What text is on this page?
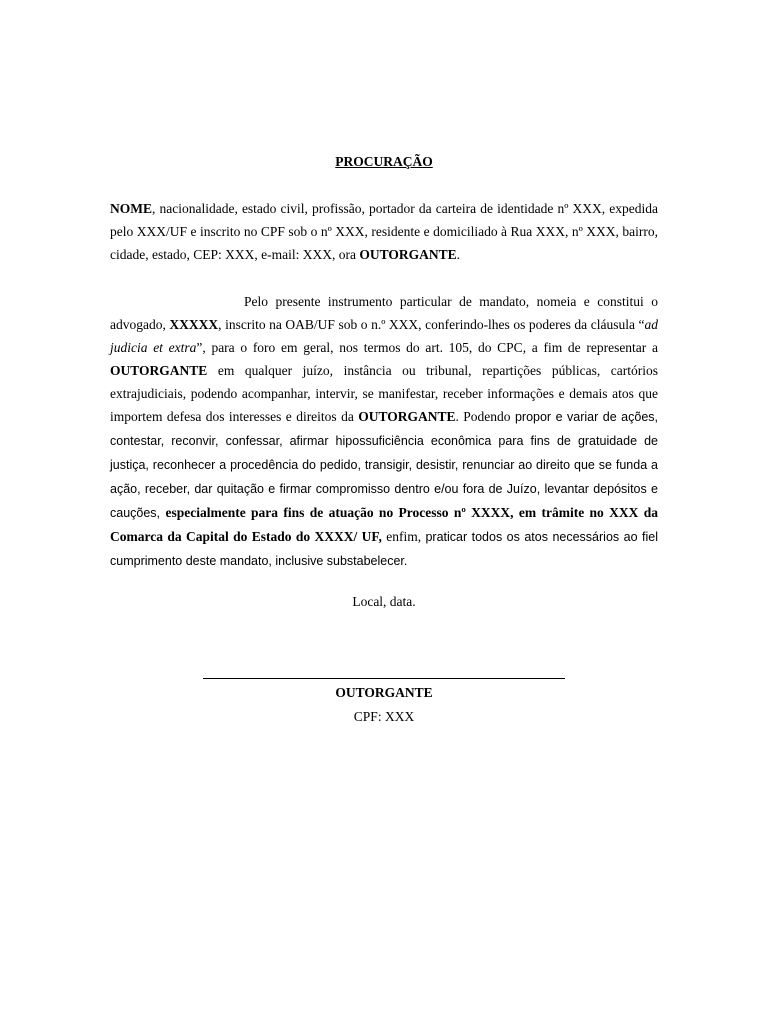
PROCURAÇÃO

NOME, nacionalidade, estado civil, profissão, portador da carteira de identidade nº XXX, expedida pelo XXX/UF e inscrito no CPF sob o nº XXX, residente e domiciliado à Rua XXX, nº XXX, bairro, cidade, estado, CEP: XXX, e-mail: XXX, ora OUTORGANTE.

Pelo presente instrumento particular de mandato, nomeia e constitui o advogado, XXXXX, inscrito na OAB/UF sob o n.º XXX, conferindo-lhes os poderes da cláusula “ad judicia et extra”, para o foro em geral, nos termos do art. 105, do CPC, a fim de representar a OUTORGANTE em qualquer juízo, instância ou tribunal, repartições públicas, cartórios extrajudiciais, podendo acompanhar, intervir, se manifestar, receber informações e demais atos que importem defesa dos interesses e direitos da OUTORGANTE. Podendo propor e variar de ações, contestar, reconvir, confessar, afirmar hipossuficiência econômica para fins de gratuidade de justiça, reconhecer a procedência do pedido, transigir, desistir, renunciar ao direito que se funda a ação, receber, dar quitação e firmar compromisso dentro e/ou fora de Juízo, levantar depósitos e cauções, especialmente para fins de atuação no Processo nº XXXX, em trâmite no XXX da Comarca da Capital do Estado do XXXX/ UF, enfim, praticar todos os atos necessários ao fiel cumprimento deste mandato, inclusive substabelecer.

Local, data.
OUTORGANTE
CPF: XXX
